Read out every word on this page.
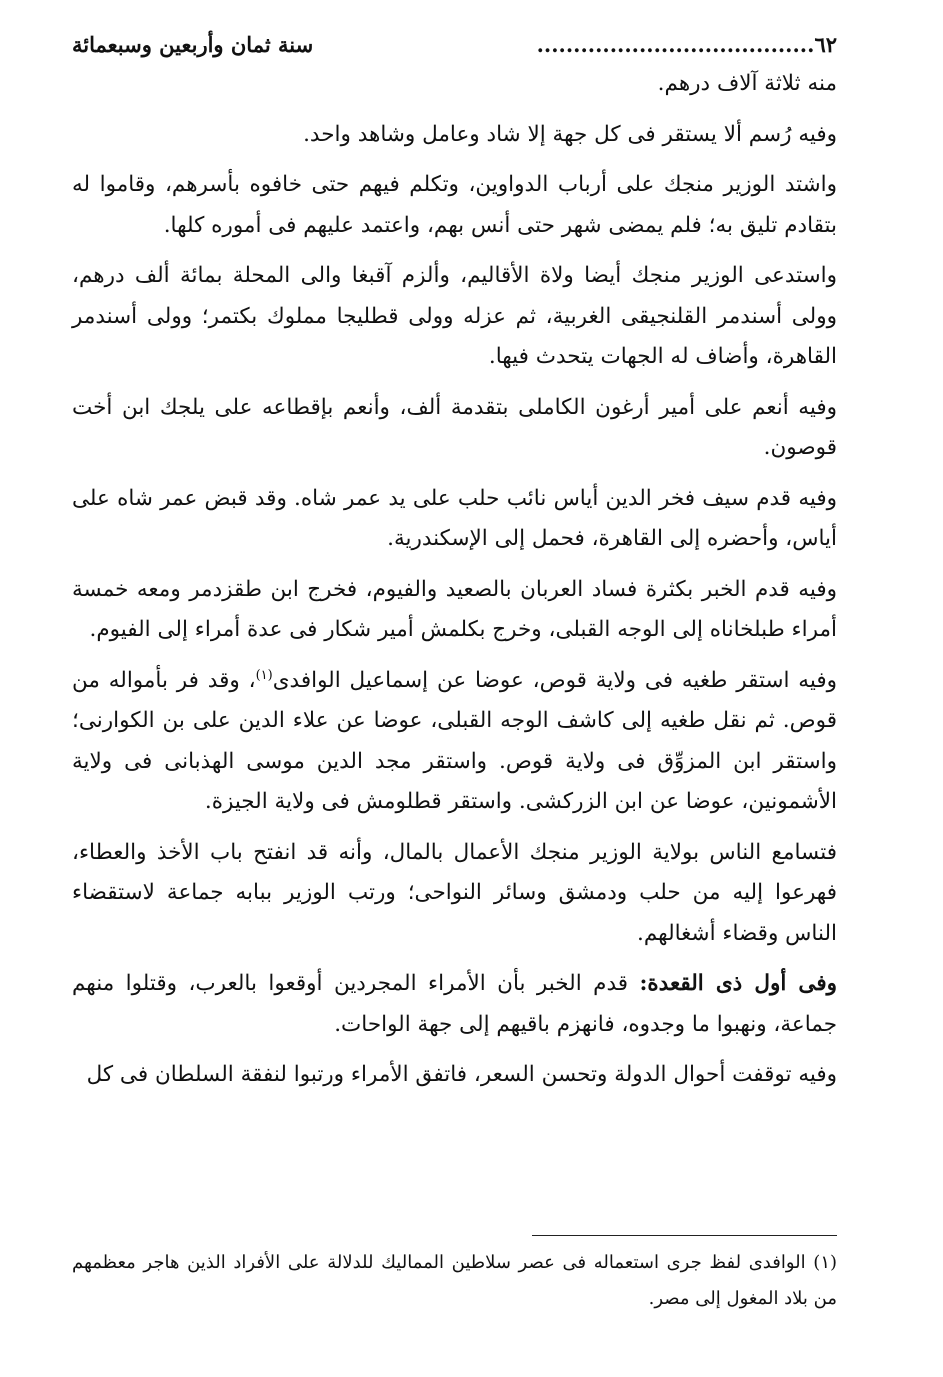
٦٢......................................
سنة ثمان وأربعين وسبعمائة

منه ثلاثة آلاف درهم.

وفيه رُسم ألا يستقر فى كل جهة إلا شاد وعامل وشاهد واحد.

واشتد الوزير منجك على أرباب الدواوين، وتكلم فيهم حتى خافوه بأسرهم، وقاموا له بتقادم تليق به؛ فلم يمضى شهر حتى أنس بهم، واعتمد عليهم فى أموره كلها.

واستدعى الوزير منجك أيضا ولاة الأقاليم، وألزم آقبغا والى المحلة بمائة ألف درهم، وولى أسندمر القلنجيقى الغربية، ثم عزله وولى قطليجا مملوك بكتمر؛ وولى أسندمر القاهرة، وأضاف له الجهات يتحدث فيها.

وفيه أنعم على أمير أرغون الكاملى بتقدمة ألف، وأنعم بإقطاعه على يلجك ابن أخت قوصون.

وفيه قدم سيف فخر الدين أياس نائب حلب على يد عمر شاه. وقد قبض عمر شاه على أياس، وأحضره إلى القاهرة، فحمل إلى الإسكندرية.

وفيه قدم الخبر بكثرة فساد العربان بالصعيد والفيوم، فخرج ابن طقزدمر ومعه خمسة أمراء طبلخاناه إلى الوجه القبلى، وخرج بكلمش أمير شكار فى عدة أمراء إلى الفيوم.

وفيه استقر طغيه فى ولاية قوص، عوضا عن إسماعيل الوافدى$^{(١)}$، وقد فر بأمواله من قوص. ثم نقل طغيه إلى كاشف الوجه القبلى، عوضا عن علاء الدين على بن الكوارنى؛ واستقر ابن المزوِّق فى ولاية قوص. واستقر مجد الدين موسى الهذبانى فى ولاية الأشمونين، عوضا عن ابن الزركشى. واستقر قطلومش فى ولاية الجيزة.

فتسامع الناس بولاية الوزير منجك الأعمال بالمال، وأنه قد انفتح باب الأخذ والعطاء، فهرعوا إليه من حلب ودمشق وسائر النواحى؛ ورتب الوزير ببابه جماعة لاستقضاء الناس وقضاء أشغالهم.

وفى أول ذى القعدة: قدم الخبر بأن الأمراء المجردين أوقعوا بالعرب، وقتلوا منهم جماعة، ونهبوا ما وجدوه، فانهزم باقيهم إلى جهة الواحات.

وفيه توقفت أحوال الدولة وتحسن السعر، فاتفق الأمراء ورتبوا لنفقة السلطان فى كل

(١) الوافدى لفظ جرى استعماله فى عصر سلاطين المماليك للدلالة على الأفراد الذين هاجر معظمهم من بلاد المغول إلى مصر.
